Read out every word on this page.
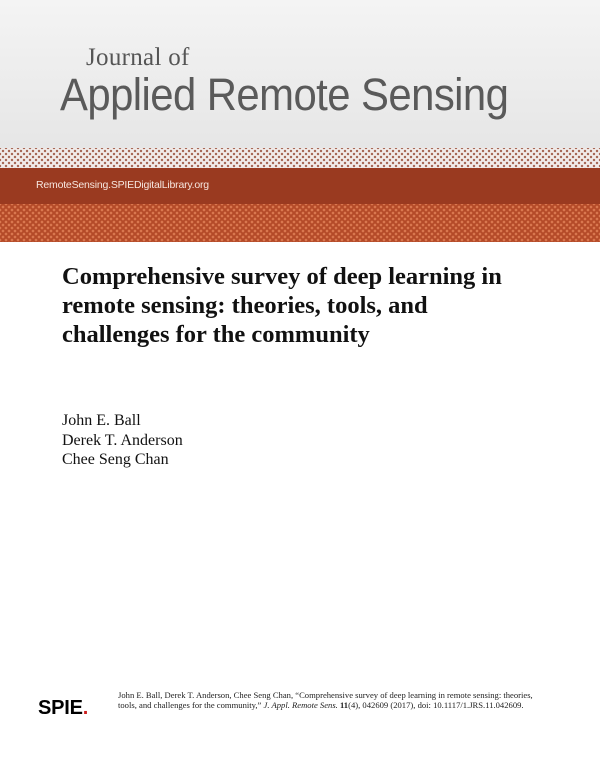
Journal of
Applied Remote Sensing
RemoteSensing.SPIEDigitalLibrary.org
Comprehensive survey of deep learning in remote sensing: theories, tools, and challenges for the community
John E. Ball
Derek T. Anderson
Chee Seng Chan
SPIE.
John E. Ball, Derek T. Anderson, Chee Seng Chan, “Comprehensive survey of deep learning in remote sensing: theories, tools, and challenges for the community,” J. Appl. Remote Sens. 11(4), 042609 (2017), doi: 10.1117/1.JRS.11.042609.
